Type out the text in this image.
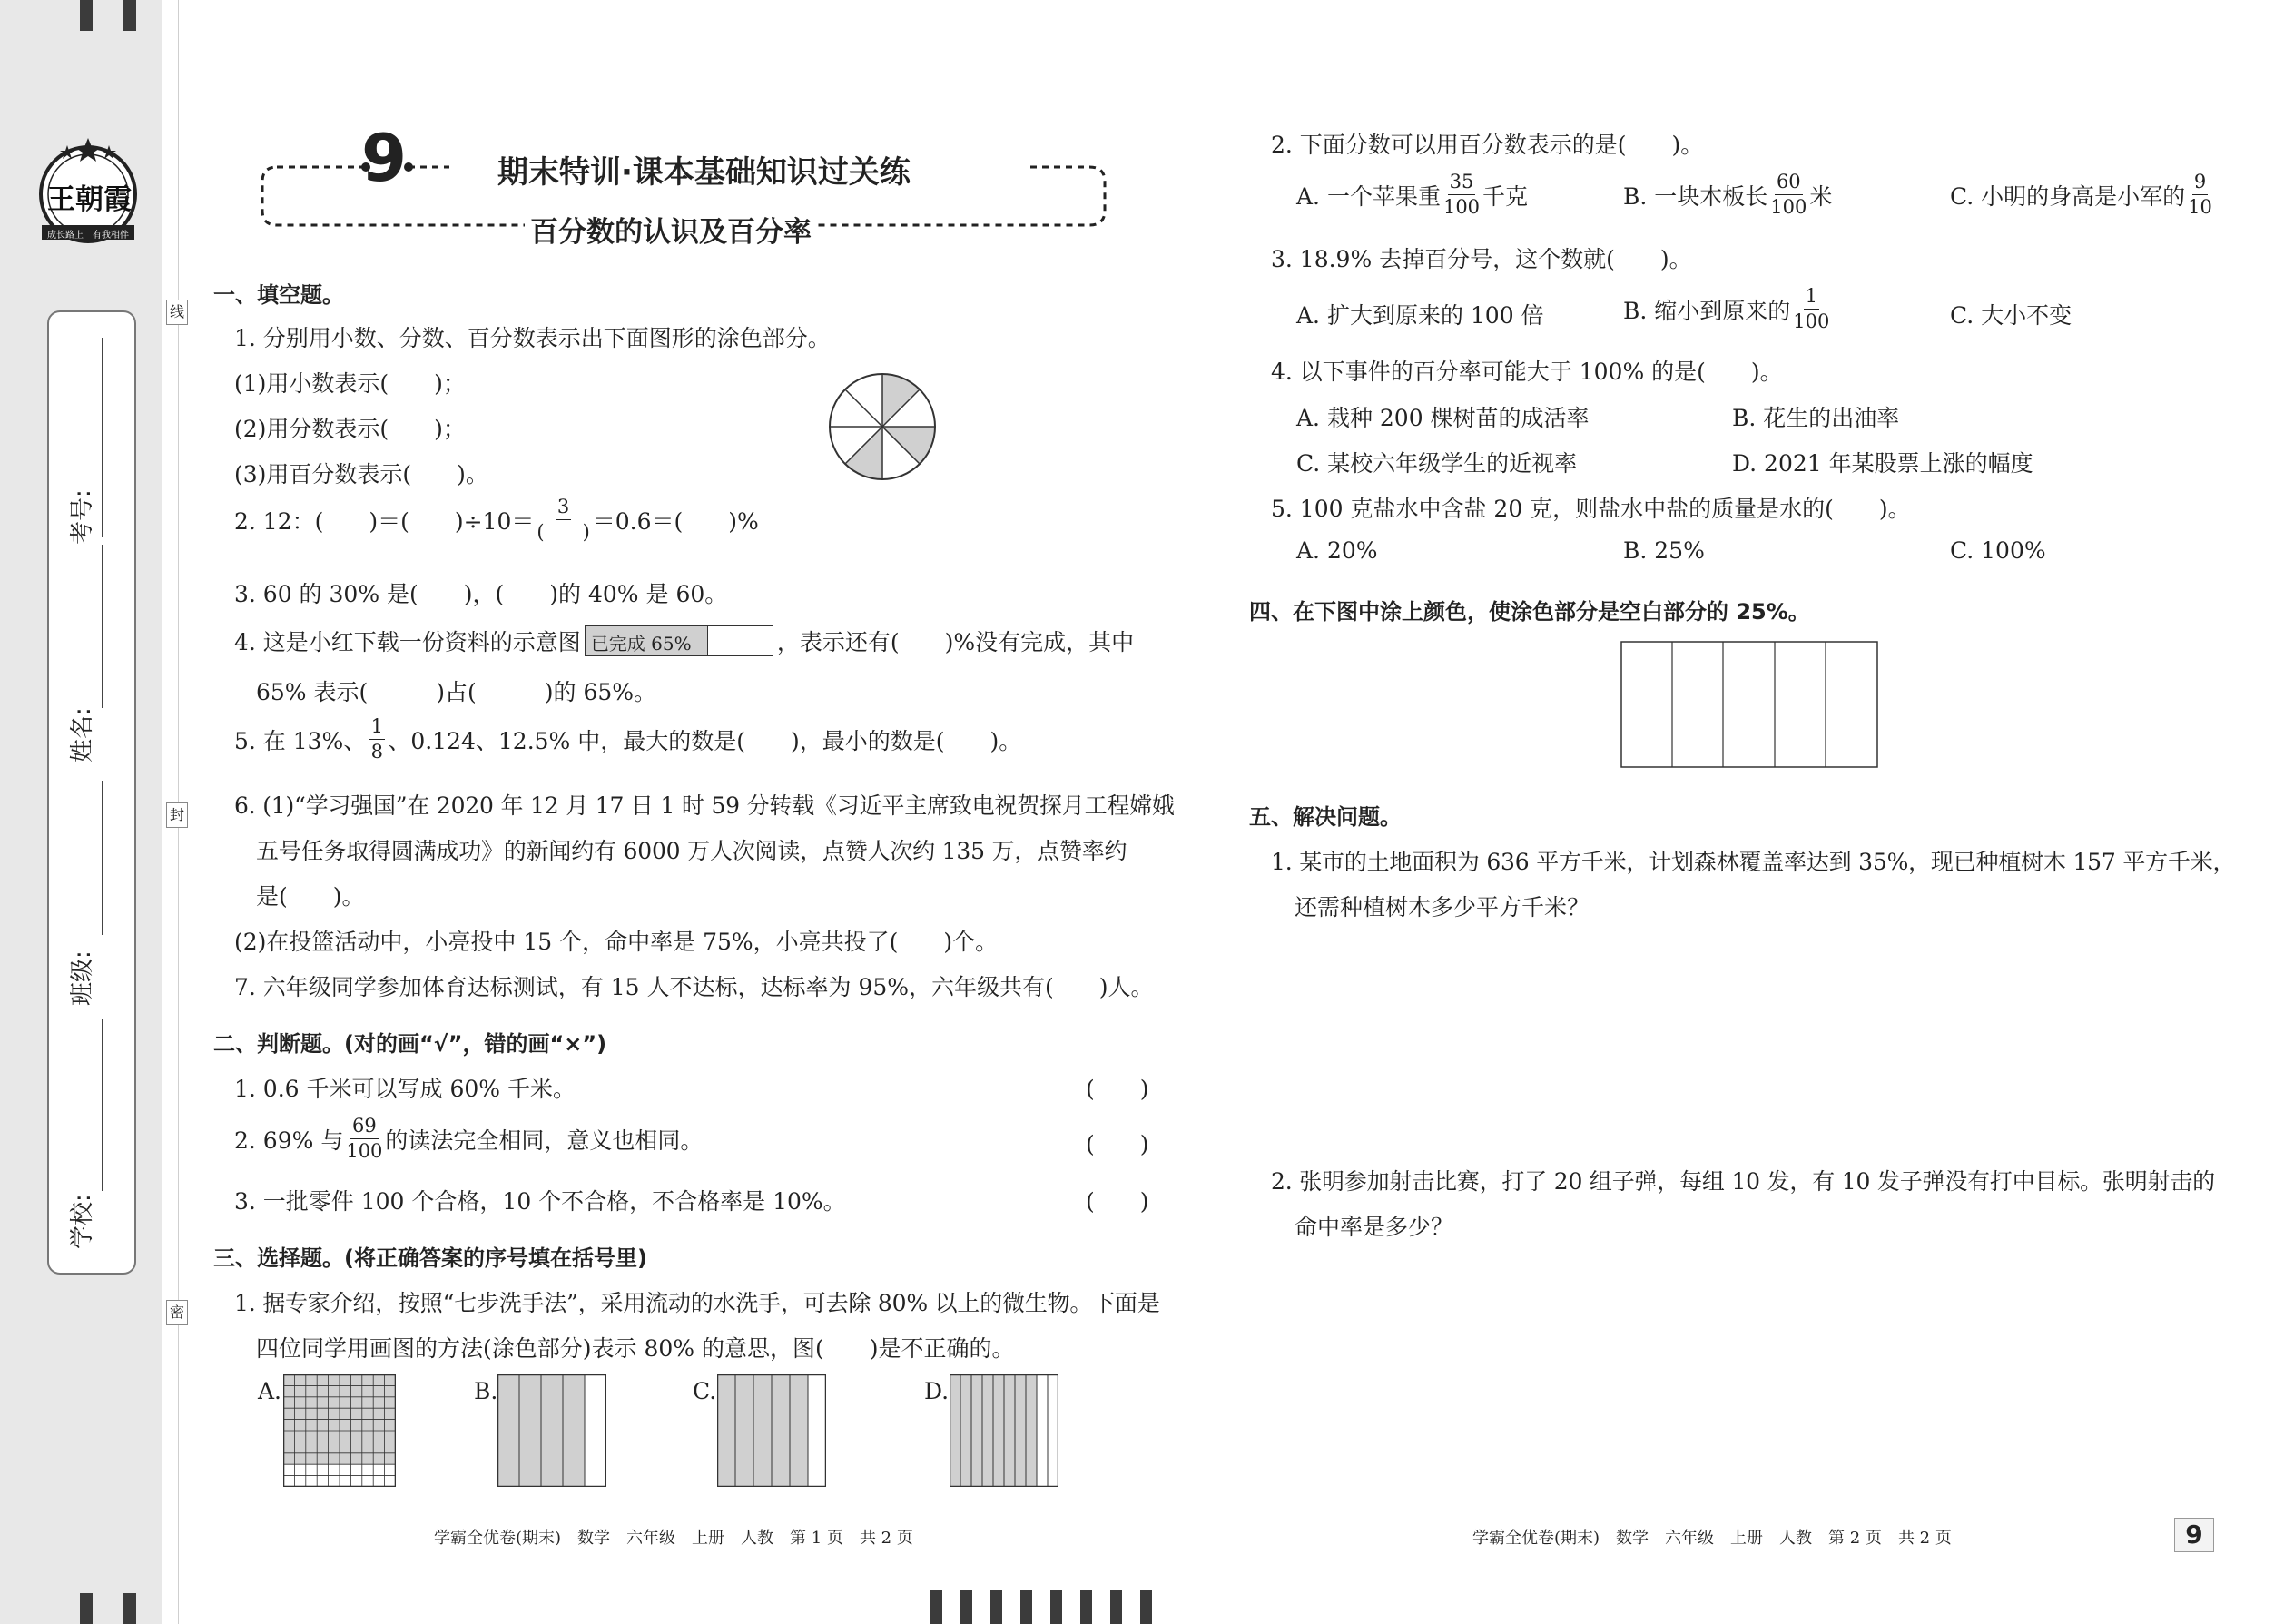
王朝霞
成长路上 有我相伴
考号:
姓名:
班级:
学校:
线
封
密
9	期末特训·课本基础知识过关练
百分数的认识及百分率
一、填空题。
1. 分别用小数、分数、百分数表示出下面图形的涂色部分。
(1)用小数表示(　　)；
(2)用分数表示(　　)；
(3)用百分数表示(　　)。
2. 12：(　　)＝(　　)$\div 10= \frac{3}{( )} =0.6=$(　　)%
3. 60 的 30% 是(　　)，(　　)的 40% 是 60。
4. 这是小红下载一份资料的示意图 已完成 65%	，表示还有(　　)%没有完成，其中
65% 表示(　　　)占(　　　)的 65%。
5. 在 13%、 $\frac{1}{8}$ 、0.124、12.5% 中，最大的数是(　　)，最小的数是(　　)。
6. (1)“学习强国”在 2020 年 12 月 17 日 1 时 59 分转载《习近平主席致电祝贺探月工程嫦娥
五号任务取得圆满成功》的新闻约有 6000 万人次阅读，点赞人次约 135 万，点赞率约
是(　　)。
(2)在投篮活动中，小亮投中 15 个，命中率是 75%，小亮共投了(　　)个。
7. 六年级同学参加体育达标测试，有 15 人不达标，达标率为 95%，六年级共有(　　)人。
二、判断题。(对的画“√”，错的画“×”)
1. 0.6 千米可以写成 60% 千米。	(　　)
2. 69% 与 $\frac{69}{100}$ 的读法完全相同，意义也相同。	(　　)
3. 一批零件 100 个合格，10 个不合格，不合格率是 10%。	(　　)
三、选择题。(将正确答案的序号填在括号里)
1. 据专家介绍，按照“七步洗手法”，采用流动的水洗手，可去除 80% 以上的微生物。下面是
四位同学用画图的方法(涂色部分)表示 80% 的意思，图(　　)是不正确的。
A.	B.	C.	D.
学霸全优卷(期末)　数学　六年级　上册　人教　第 1 页　共 2 页
2. 下面分数可以用百分数表示的是(　　)。
A. 一个苹果重 $\frac{35}{100}$ 千克	B. 一块木板长 $\frac{60}{100}$ 米	C. 小明的身高是小军的 $\frac{9}{10}$
3. 18.9% 去掉百分号，这个数就(　　)。
A. 扩大到原来的 100 倍	B. 缩小到原来的 $\frac{1}{100}$	C. 大小不变
4. 以下事件的百分率可能大于 100% 的是(　　)。
A. 栽种 200 棵树苗的成活率	B. 花生的出油率
C. 某校六年级学生的近视率	D. 2021 年某股票上涨的幅度
5. 100 克盐水中含盐 20 克，则盐水中盐的质量是水的(　　)。
A. 20%	B. 25%	C. 100%
四、在下图中涂上颜色，使涂色部分是空白部分的 25%。
五、解决问题。
1. 某市的土地面积为 636 平方千米，计划森林覆盖率达到 35%，现已种植树木 157 平方千米，
还需种植树木多少平方千米？
2. 张明参加射击比赛，打了 20 组子弹，每组 10 发，有 10 发子弹没有打中目标。张明射击的
命中率是多少？
学霸全优卷(期末)　数学　六年级　上册　人教　第 2 页　共 2 页	9
